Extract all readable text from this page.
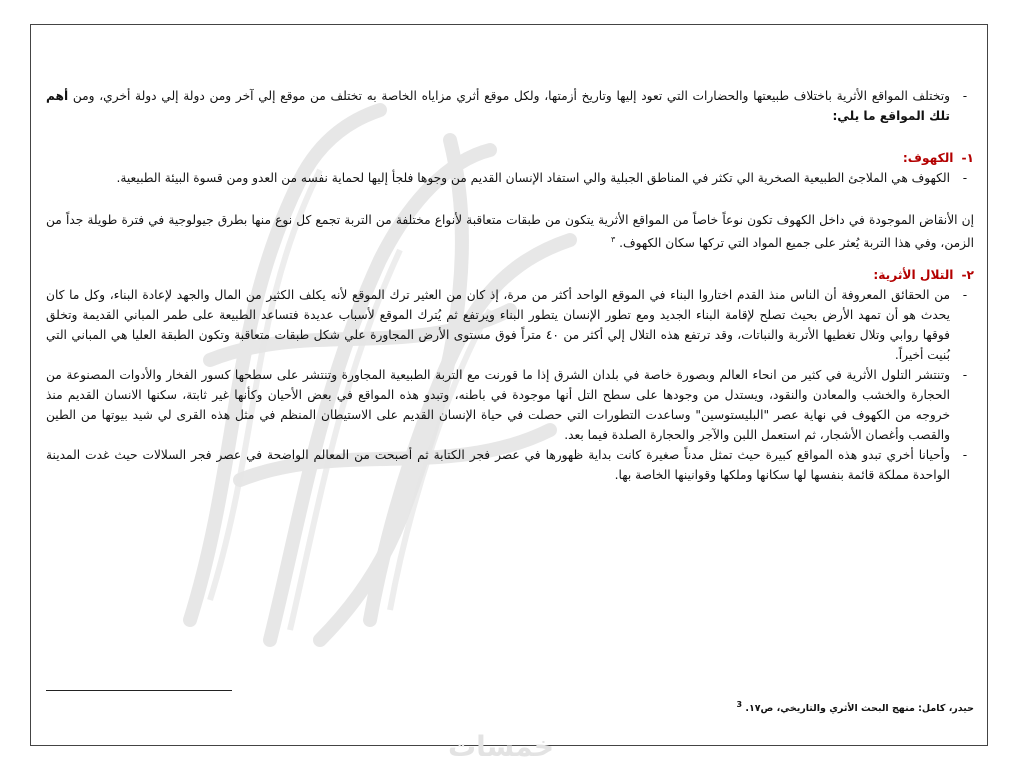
-
وتختلف المواقع الأثرية باختلاف طبيعتها والحضارات التي تعود إليها وتاريخ أزمتها، ولكل موقع أثري مزاياه الخاصة به تختلف من موقع إلي آخر ومن دولة إلي دولة أخري، ومن أهم تلك المواقع ما يلي:

١-الكهوف:

-
الكهوف هي الملاجئ الطبيعية الصخرية الي تكثر في المناطق الجبلية والي استفاد الإنسان القديم من وجوها فلجأ إليها لحماية نفسه من العدو ومن قسوة البيئة الطبيعية.

إن الأنقاض الموجودة في داخل الكهوف تكون نوعاً خاصاً من المواقع الأثرية يتكون من طبقات متعاقبة لأنواع مختلفة من التربة تجمع كل نوع منها بطرق جيولوجية في فترة طويلة جداً من الزمن، وفي هذا التربة يُعثر على جميع المواد التي تركها سكان الكهوف. $^٣$

٢-التلال الأثرية:

-
من الحقائق المعروفة أن الناس منذ القدم اختاروا البناء في الموقع الواحد أكثر من مرة، إذ كان من العثير ترك الموقع لأنه يكلف الكثير من المال والجهد لإعادة البناء، وكل ما كان يحدث هو أن تمهد الأرض بحيث تصلح لإقامة البناء الجديد ومع تطور الإنسان يتطور البناء ويرتفع ثم يُترك الموقع لأسباب عديدة فتساعد الطبيعة على طمر المباني القديمة وتخلق فوقها روابي وتلال تغطيها الأتربة والنباتات، وقد ترتفع هذه التلال إلي أكثر من ٤٠ متراً فوق مستوى الأرض المجاورة علي شكل طبقات متعاقبة وتكون الطبقة العليا هي المباني التي بُنيت أخيراً.

-
وتنتشر التلول الأثرية في كثير من انحاء العالم وبصورة خاصة في بلدان الشرق إذا ما قورنت مع التربة الطبيعية المجاورة وتنتشر على سطحها كسور الفخار والأدوات المصنوعة من الحجارة والخشب والمعادن والنقود، ويستدل من وجودها على سطح التل أنها موجودة في باطنه، وتبدو هذه المواقع في بعض الأحيان وكأنها غير ثابتة، سكنها الانسان القديم منذ خروجه من الكهوف في نهاية عصر "البليستوسين" وساعدت التطورات التي حصلت في حياة الإنسان القديم على الاستيطان المنظم في مثل هذه القرى لي شيد بيوتها من الطين والقصب وأغصان الأشجار، ثم استعمل اللبن والآجر والحجارة الصلدة فيما بعد.

-
وأحيانا أخري تبدو هذه المواقع كبيرة حيث تمثل مدناً صغيرة كانت بداية ظهورها في عصر فجر الكتابة ثم أصبحت من المعالم الواضحة في عصر فجر السلالات حيث غدت المدينة الواحدة مملكة قائمة بنفسها لها سكانها وملكها وقوانينها الخاصة بها.

حيدر، كامل: منهج البحث الأثري والتاريخي، ص١٧. $^3$
خمسات
